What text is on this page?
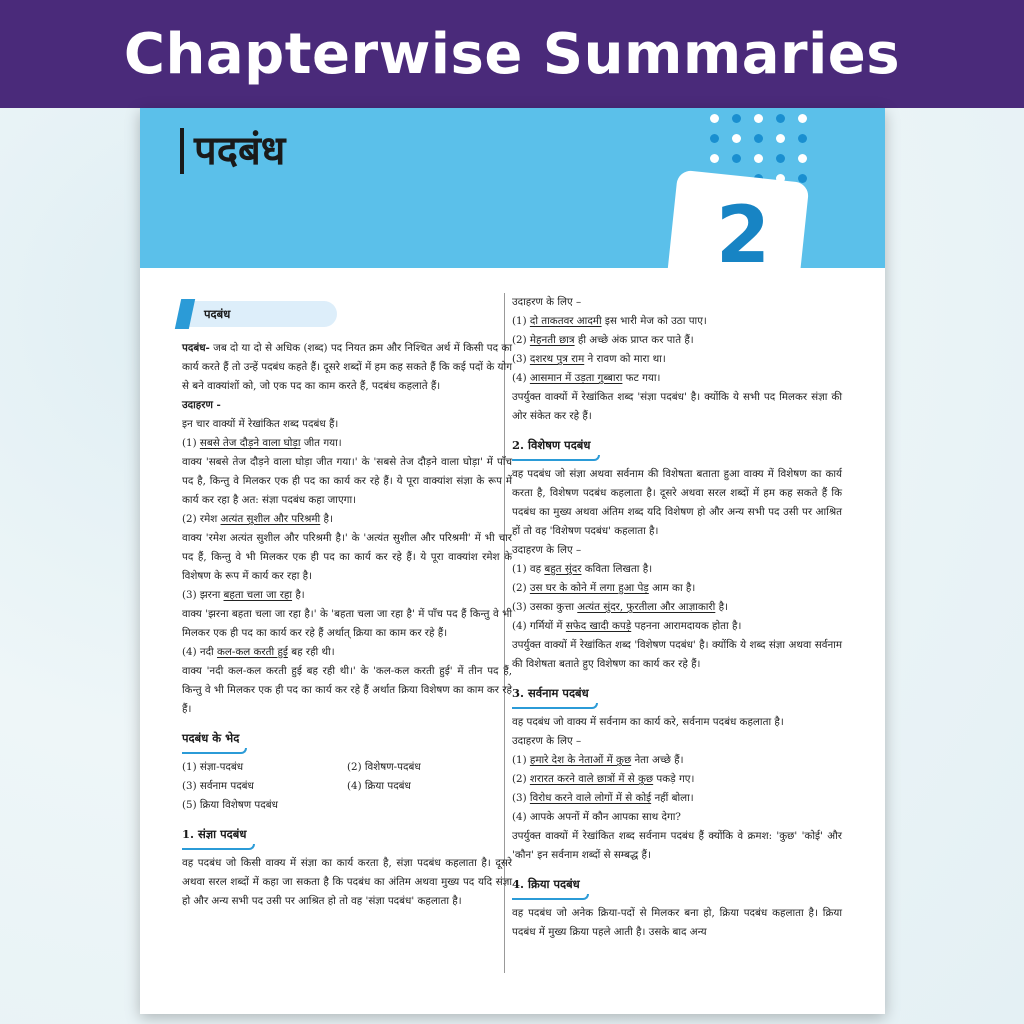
Chapterwise Summaries
पदबंध
2
पदबंध

पदबंध- जब दो या दो से अधिक (शब्द) पद नियत क्रम और निश्चित अर्थ में किसी पद का कार्य करते हैं तो उन्हें पदबंध कहते हैं। दूसरे शब्दों में हम कह सकते हैं कि कई पदों के योग से बने वाक्यांशों को, जो एक पद का काम करते हैं, पदबंध कहलाते हैं।

उदाहरण -

इन चार वाक्यों में रेखांकित शब्द पदबंध हैं।

(1) सबसे तेज दौड़ने वाला घोड़ा जीत गया।

वाक्य 'सबसे तेज दौड़ने वाला घोड़ा जीत गया।' के 'सबसे तेज दौड़ने वाला घोड़ा' में पाँच पद है, किन्तु वे मिलकर एक ही पद का कार्य कर रहे हैं। ये पूरा वाक्यांश संज्ञा के रूप में कार्य कर रहा है अत: संज्ञा पदबंध कहा जाएगा।

(2) रमेश अत्यंत सुशील और परिश्रमी है।

वाक्य 'रमेश अत्यंत सुशील और परिश्रमी है।' के 'अत्यंत सुशील और परिश्रमी' में भी चार पद हैं, किन्तु वे भी मिलकर एक ही पद का कार्य कर रहे हैं। ये पूरा वाक्यांश रमेश के विशेषण के रूप में कार्य कर रहा है।

(3) झरना बहता चला जा रहा है।

वाक्य 'झरना बहता चला जा रहा है।' के 'बहता चला जा रहा है' में पाँच पद हैं किन्तु वे भी मिलकर एक ही पद का कार्य कर रहे हैं अर्थात् क्रिया का काम कर रहे हैं।

(4) नदी कल-कल करती हुई बह रही थी।

वाक्य 'नदी कल-कल करती हुई बह रही थी।' के 'कल-कल करती हुई' में तीन पद हैं, किन्तु वे भी मिलकर एक ही पद का कार्य कर रहे हैं अर्थात क्रिया विशेषण का काम कर रहे हैं।

पदबंध के भेद
(1) संज्ञा-पदबंध	(2) विशेषण-पदबंध
(3) सर्वनाम पदबंध	(4) क्रिया पदबंध
(5) क्रिया विशेषण पदबंध
1. संज्ञा पदबंध

वह पदबंध जो किसी वाक्य में संज्ञा का कार्य करता है, संज्ञा पदबंध कहलाता है। दूसरे अथवा सरल शब्दों में कहा जा सकता है कि पदबंध का अंतिम अथवा मुख्य पद यदि संज्ञा हो और अन्य सभी पद उसी पर आश्रित हो तो वह 'संज्ञा पदबंध' कहलाता है।

उदाहरण के लिए –

(1) दो ताकतवर आदमी इस भारी मेज को उठा पाए।

(2) मेहनती छात्र ही अच्छे अंक प्राप्त कर पाते हैं।

(3) दशरथ पुत्र राम ने रावण को मारा था।

(4) आसमान में उड़ता गुब्बारा फट गया।

उपर्युक्त वाक्यों में रेखांकित शब्द 'संज्ञा पदबंध' है। क्योंकि ये सभी पद मिलकर संज्ञा की ओर संकेत कर रहे हैं।

2. विशेषण पदबंध

वह पदबंध जो संज्ञा अथवा सर्वनाम की विशेषता बताता हुआ वाक्य में विशेषण का कार्य करता है, विशेषण पदबंध कहलाता है। दूसरे अथवा सरल शब्दों में हम कह सकते हैं कि पदबंध का मुख्य अथवा अंतिम शब्द यदि विशेषण हो और अन्य सभी पद उसी पर आश्रित हों तो वह 'विशेषण पदबंध' कहलाता है।

उदाहरण के लिए –

(1) वह बहुत सुंदर कविता लिखता है।

(2) उस घर के कोने में लगा हुआ पेड़ आम का है।

(3) उसका कुत्ता अत्यंत सुंदर, फुरतीला और आज्ञाकारी है।

(4) गर्मियों में सफेद खादी कपड़े पहनना आरामदायक होता है।

उपर्युक्त वाक्यों में रेखांकित शब्द 'विशेषण पदबंध' है। क्योंकि ये शब्द संज्ञा अथवा सर्वनाम की विशेषता बताते हुए विशेषण का कार्य कर रहे हैं।

3. सर्वनाम पदबंध

वह पदबंध जो वाक्य में सर्वनाम का कार्य करे, सर्वनाम पदबंध कहलाता है।

उदाहरण के लिए –

(1) हमारे देश के नेताओं में कुछ नेता अच्छे हैं।

(2) शरारत करने वाले छात्रों में से कुछ पकड़े गए।

(3) विरोध करने वाले लोगों में से कोई नहीं बोला।

(4) आपके अपनों में कौन आपका साथ देगा?

उपर्युक्त वाक्यों में रेखांकित शब्द सर्वनाम पदबंध हैं क्योंकि वे क्रमश: 'कुछ' 'कोई' और 'कौन' इन सर्वनाम शब्दों से सम्बद्ध हैं।

4. क्रिया पदबंध

वह पदबंध जो अनेक क्रिया-पदों से मिलकर बना हो, क्रिया पदबंध कहलाता है। क्रिया पदबंध में मुख्य क्रिया पहले आती है। उसके बाद अन्य
